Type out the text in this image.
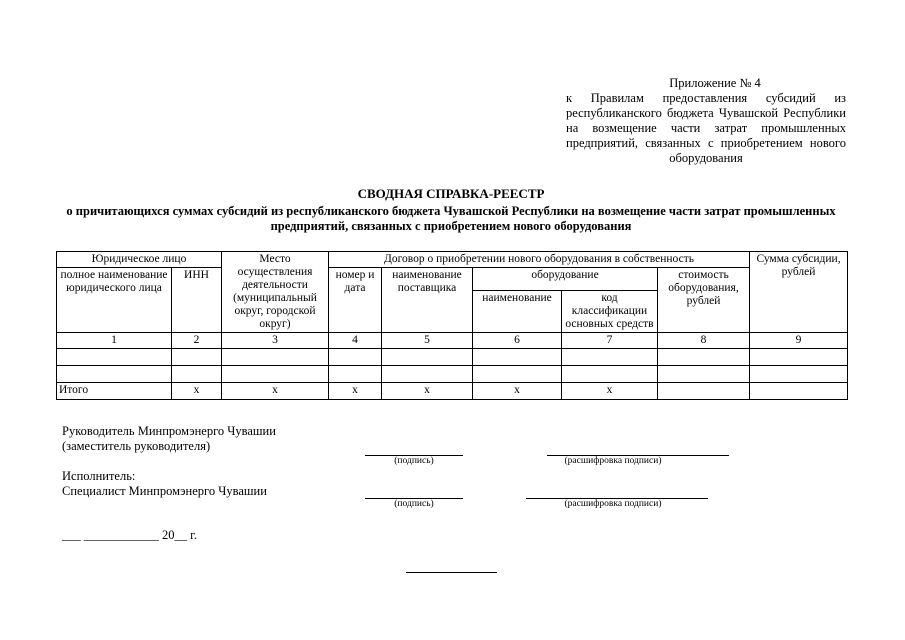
Приложение № 4
к Правилам предоставления субсидий из республиканского бюджета Чувашской Республики на возмещение части затрат промышленных предприятий, связанных с приобретением нового оборудования
СВОДНАЯ СПРАВКА-РЕЕСТР
о причитающихся суммах субсидий из республиканского бюджета Чувашской Республики на возмещение части затрат промышленных предприятий, связанных с приобретением нового оборудования
Юридическое лицо		Место осуществления деятельности (муниципальный округ, городской округ)	Договор о приобретении нового оборудования в собственность					Сумма субсидии, рублей
полное наименование юридического лица	ИНН		номер и дата	наименование поставщика	оборудование		стоимость оборудования, рублей	
					наименование	код классификации основных средств		
1	2	3	4	5	6	7	8	9

Итого	х	х	х	х	х	х		
Руководитель Минпромэнерго Чувашии
(заместитель руководителя)
(подпись)	(расшифровка подписи)
Исполнитель:
Специалист Минпромэнерго Чувашии
(подпись)	(расшифровка подписи)
___ ____________ 20__ г.
